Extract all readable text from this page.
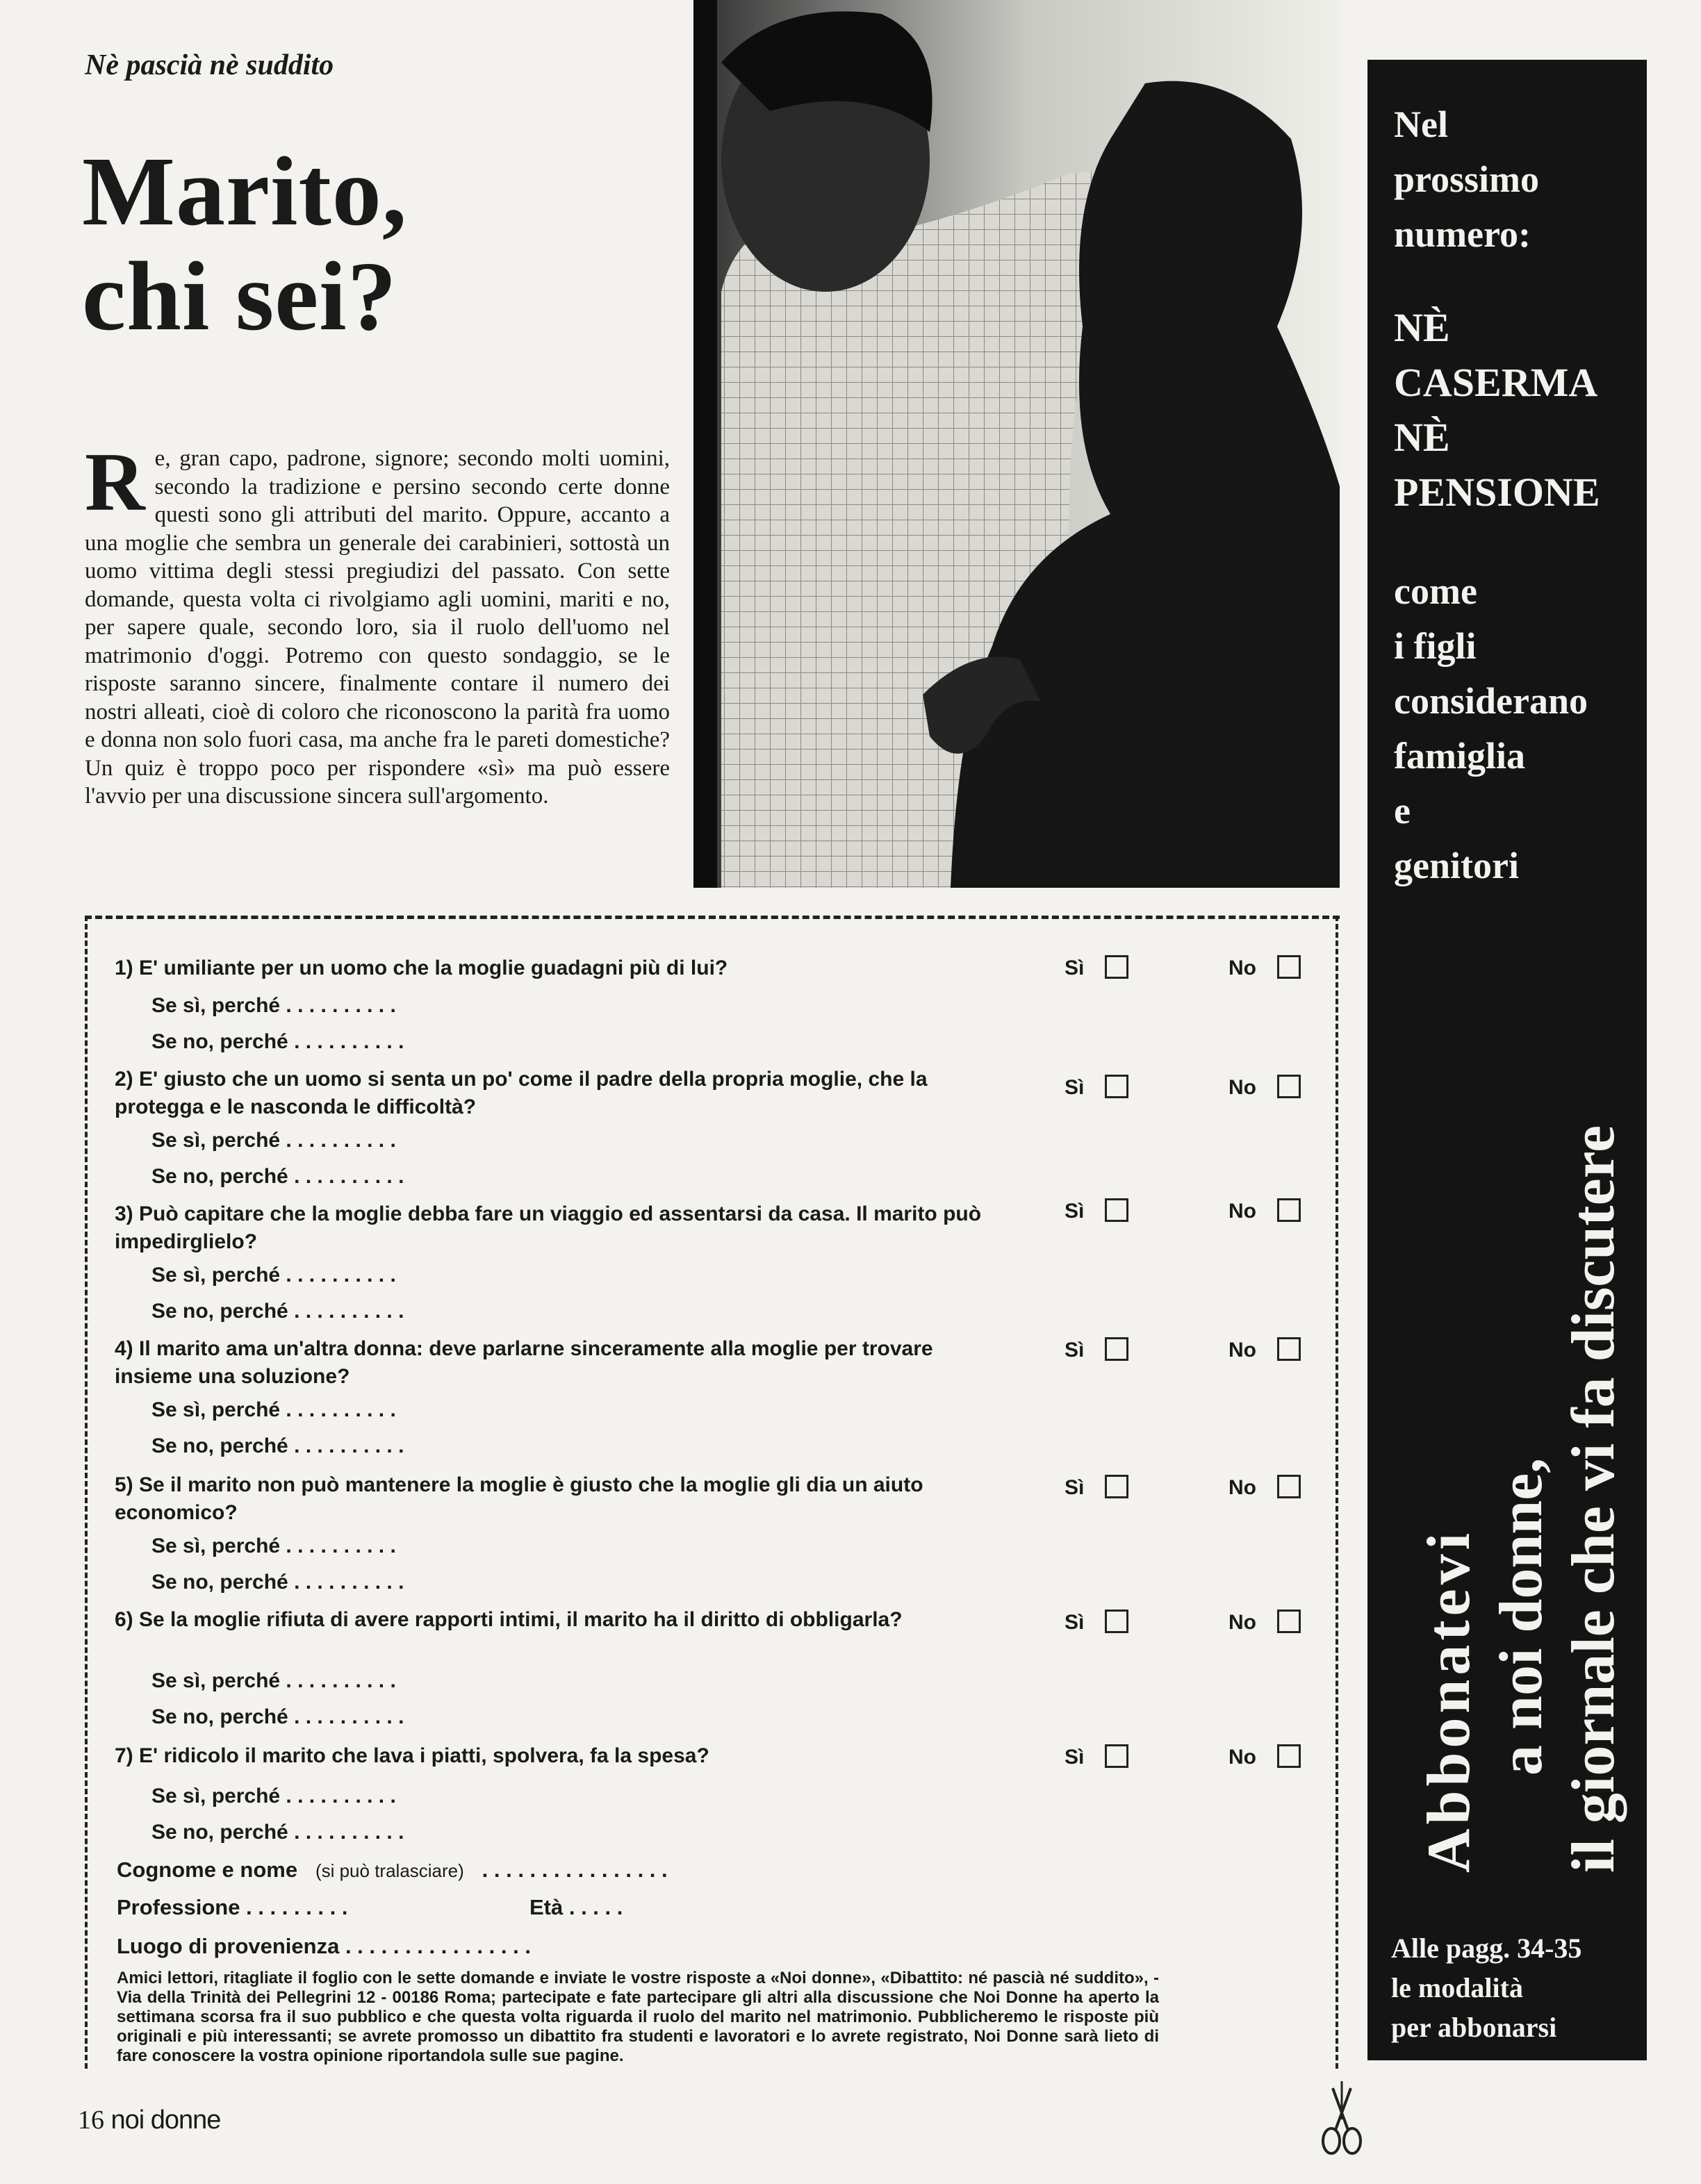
Nè pascià nè suddito
Marito,
chi sei?
R e, gran capo, padrone, signore; secondo molti uomini, secondo la tradizione e persino secondo certe donne questi sono gli attributi del marito. Oppure, accanto a una moglie che sembra un generale dei carabinieri, sottostà un uomo vittima degli stessi pregiudizi del passato. Con sette domande, questa volta ci rivolgiamo agli uomini, mariti e no, per sapere quale, secondo loro, sia il ruolo dell'uomo nel matrimonio d'oggi. Potremo con questo sondaggio, se le risposte saranno sincere, finalmente contare il numero dei nostri alleati, cioè di coloro che riconoscono la parità fra uomo e donna non solo fuori casa, ma anche fra le pareti domestiche? Un quiz è troppo poco per rispondere «sì» ma può essere l'avvio per una discussione sincera sull'argomento.
Nel
prossimo
numero:
NÈ
CASERMA
NÈ
PENSIONE
come
i figli
considerano
famiglia
e
genitori
Abbonatevi a noi donne, il giornale che vi fa discutere
Alle pagg. 34-35
le modalità
per abbonarsi
1) E' umiliante per un uomo che la moglie guadagni più di lui?	Sì	No
Se sì, perché . . . . . . . . . .
Se no, perché . . . . . . . . . .
2) E' giusto che un uomo si senta un po' come il padre della propria moglie, che la protegga e le nasconda le difficoltà?
Sì	No
Se sì, perché . . . . . . . . . .
Se no, perché . . . . . . . . . .
3) Può capitare che la moglie debba fare un viaggio ed assentarsi da casa. Il marito può impedirglielo?
Sì	No
Se sì, perché . . . . . . . . . .
Se no, perché . . . . . . . . . .
4) Il marito ama un'altra donna: deve parlarne sinceramente alla moglie per trovare insieme una soluzione?
Sì	No
Se sì, perché . . . . . . . . . .
Se no, perché . . . . . . . . . .
5) Se il marito non può mantenere la moglie è giusto che la moglie gli dia un aiuto economico?
Sì	No
Se sì, perché . . . . . . . . . .
Se no, perché . . . . . . . . . .
6) Se la moglie rifiuta di avere rapporti intimi, il marito ha il diritto di obbligarla?	Sì	No
Se sì, perché . . . . . . . . . .
Se no, perché . . . . . . . . . .
7) E' ridicolo il marito che lava i piatti, spolvera, fa la spesa?	Sì	No
Se sì, perché . . . . . . . . . .
Se no, perché . . . . . . . . . .
Cognome e nome (si può tralasciare) . . . . . . . . . . . . . . . .
Professione . . . . . . . . .	Età . . . . .
Luogo di provenienza . . . . . . . . . . . . . . . .
Amici lettori, ritagliate il foglio con le sette domande e inviate le vostre risposte a «Noi donne», «Dibattito: né pascià né suddito», - Via della Trinità dei Pellegrini 12 - 00186 Roma; partecipate e fate partecipare gli altri alla discussione che Noi Donne ha aperto la settimana scorsa fra il suo pubblico e che questa volta riguarda il ruolo del marito nel matrimonio. Pubblicheremo le risposte più originali e più interessanti; se avrete promosso un dibattito fra studenti e lavoratori e lo avrete registrato, Noi Donne sarà lieto di fare conoscere la vostra opinione riportandola sulle sue pagine.
16 noi donne
